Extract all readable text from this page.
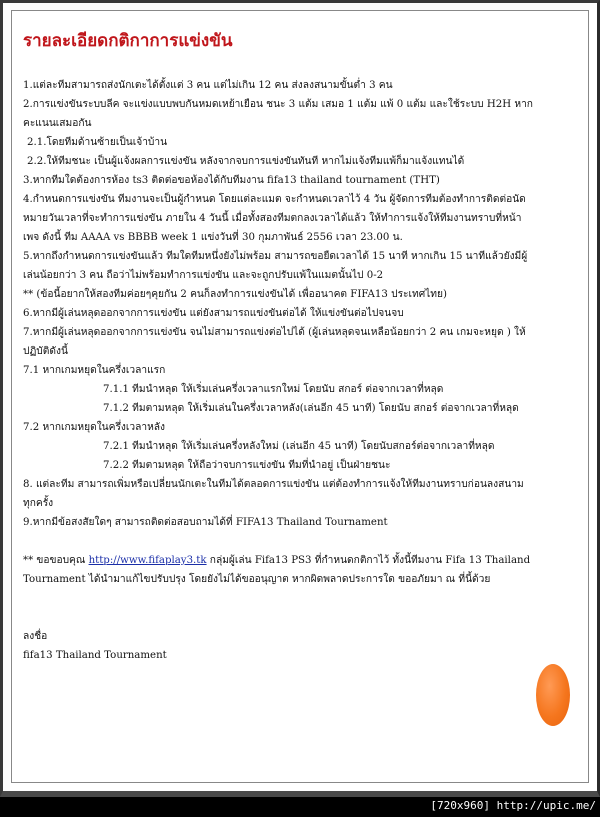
รายละเอียดกติกาการแข่งขัน

1.แต่ละทีมสามารถส่งนักเตะได้ตั้งแต่ 3 คน แต่ไม่เกิน 12 คน ส่งลงสนามขั้นต่ำ 3 คน

2.การแข่งขันระบบลีค จะแข่งแบบพบกันหมดเหย้าเยือน ชนะ 3 แต้ม เสมอ 1 แต้ม แพ้ 0 แต้ม และใช้ระบบ H2H หาก

คะแนนเสมอกัน

2.1.โดยทีมด้านซ้ายเป็นเจ้าบ้าน

2.2.ให้ทีมชนะ เป็นผู้แจ้งผลการแข่งขัน หลังจากจบการแข่งขันทันที หากไม่แจ้งทีมแพ้ก็มาแจ้งแทนได้

3.หากทีมใดต้องการห้อง ts3 ติดต่อขอห้องได้กับทีมงาน fifa13 thailand tournament (THT)

4.กำหนดการแข่งขัน ทีมงานจะเป็นผู้กำหนด โดยแต่ละแมต จะกำหนดเวลาไว้ 4 วัน ผู้จัดการทีมต้องทำการติดต่อนัด

หมายวันเวลาที่จะทำการแข่งขัน ภายใน 4 วันนี้ เมื่อทั้งสองทีมตกลงเวลาได้แล้ว ให้ทำการแจ้งให้ทีมงานทราบที่หน้า

เพจ ดังนี้ ทีม AAAA vs BBBB week 1 แข่งวันที่ 30 กุมภาพันธ์ 2556 เวลา 23.00 น.

5.หากถึงกำหนดการแข่งขันแล้ว ทีมใดทีมหนึ่งยังไม่พร้อม สามารถขอยืดเวลาได้ 15 นาที หากเกิน 15 นาทีแล้วยังมีผู้

เล่นน้อยกว่า 3 คน ถือว่าไม่พร้อมทำการแข่งขัน และจะถูกปรับแพ้ในแมตนั้นไป 0-2

** (ข้อนี้อยากให้สองทีมค่อยๆคุยกัน 2 คนก็ลงทำการแข่งขันได้ เพื่ออนาคต FIFA13 ประเทศไทย)

6.หากมีผู้เล่นหลุดออกจากการแข่งขัน แต่ยังสามารถแข่งขันต่อได้ ให้แข่งขันต่อไปจนจบ

7.หากมีผู้เล่นหลุดออกจากการแข่งขัน จนไม่สามารถแข่งต่อไปได้ (ผู้เล่นหลุดจนเหลือน้อยกว่า 2 คน เกมจะหยุด ) ให้

ปฏิบัติดังนี้

7.1 หากเกมหยุดในครึ่งเวลาแรก

7.1.1 ทีมนำหลุด ให้เริ่มเล่นครึ่งเวลาแรกใหม่ โดยนับ สกอร์ ต่อจากเวลาที่หลุด

7.1.2 ทีมตามหลุด ให้เริ่มเล่นในครึ่งเวลาหลัง(เล่นอีก 45 นาที) โดยนับ สกอร์ ต่อจากเวลาที่หลุด

7.2 หากเกมหยุดในครึ่งเวลาหลัง

7.2.1 ทีมนำหลุด ให้เริ่มเล่นครึ่งหลังใหม่ (เล่นอีก 45 นาที) โดยนับสกอร์ต่อจากเวลาที่หลุด

7.2.2 ทีมตามหลุด ให้ถือว่าจบการแข่งขัน ทีมที่นำอยู่ เป็นฝ่ายชนะ

8. แต่ละทีม สามารถเพิ่มหรือเปลี่ยนนักเตะในทีมได้ตลอดการแข่งขัน แต่ต้องทำการแจ้งให้ทีมงานทราบก่อนลงสนาม

ทุกครั้ง

9.หากมีข้อสงสัยใดๆ สามารถติดต่อสอบถามได้ที่ FIFA13 Thailand Tournament

** ขอขอบคุณ http://www.fifaplay3.tk กลุ่มผู้เล่น Fifa13 PS3 ที่กำหนดกติกาไว้ ทั้งนี้ทีมงาน Fifa 13 Thailand

Tournament ได้นำมาแก้ไขปรับปรุง โดยยังไม่ได้ขออนุญาต หากผิดพลาดประการใด ขออภัยมา ณ ที่นี้ด้วย

ลงชื่อ

fifa13 Thailand Tournament

[720x960] http://upic.me/
